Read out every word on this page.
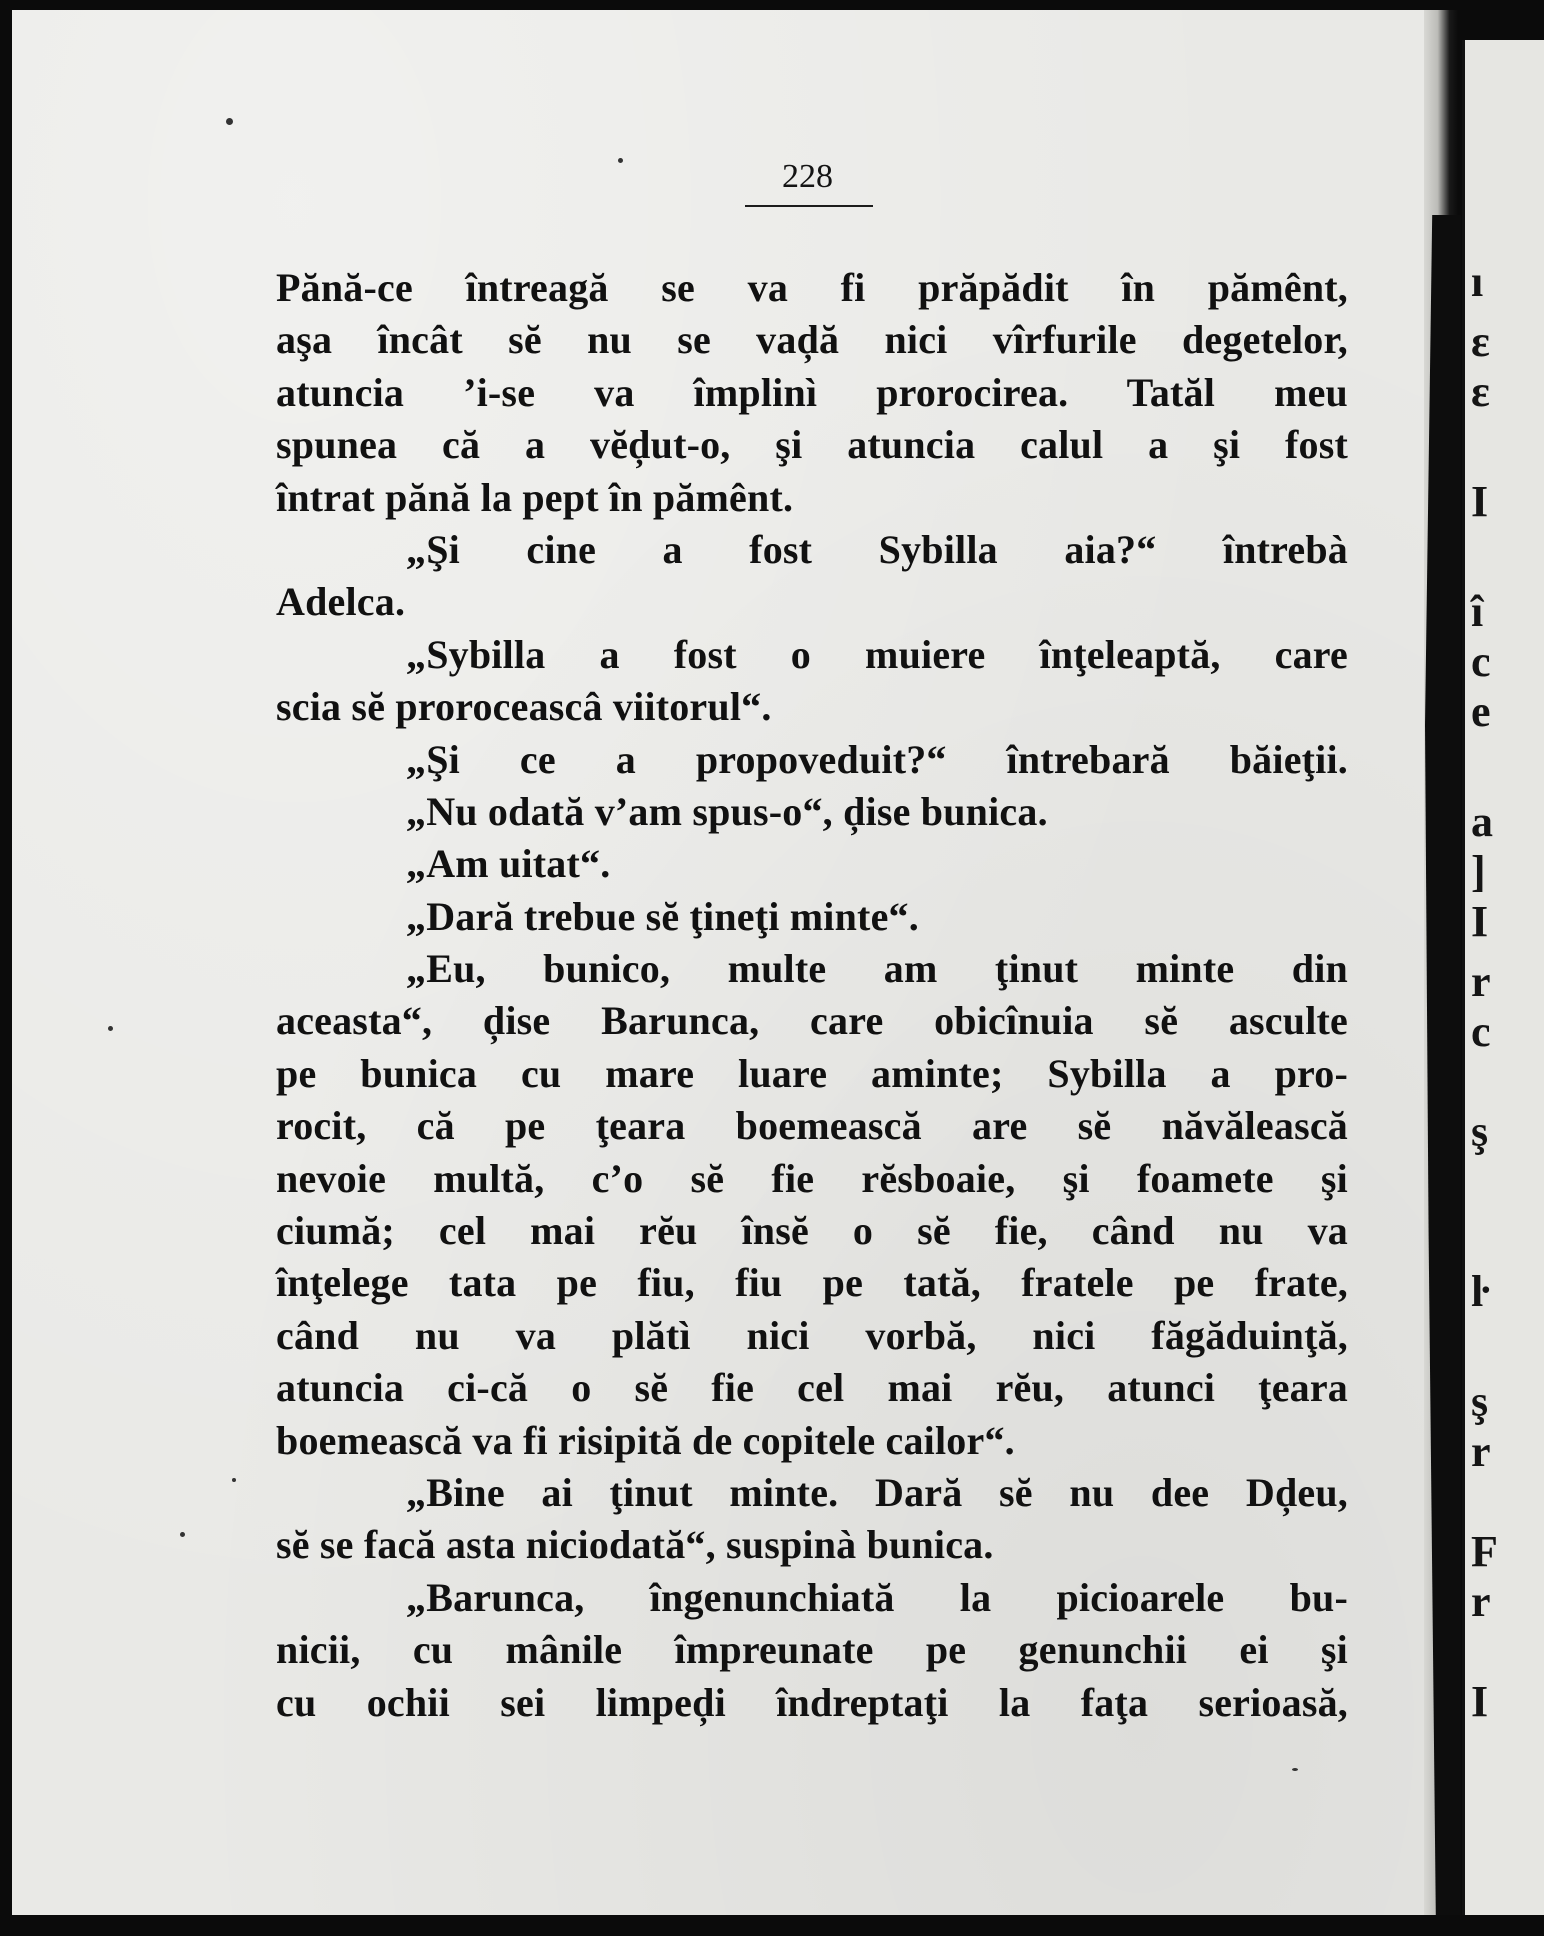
ı
ε
ε
I
î
c
e
a
]
I
r
c
ş
ŀ
ş
r
F
r
I
228
Pănă-ce întreagă se va fi prăpădit în pămênt,
aşa încât sĕ nu se vaḑă nici vîrfurile degetelor,
atuncia ’i-se va împlinì prorocirea. Tatăl meu
spunea că a vĕḑut-o, şi atuncia calul a şi fost
întrat pănă la pept în pămênt.
„Şi cine a fost Sybilla aia?“ întrebà
Adelca.
„Sybilla a fost o muiere înţeleaptă, care
scia sĕ proroceascâ viitorul“.
„Şi ce a propoveduit?“ întrebară băieţii.
„Nu odată v’am spus-o“, ḑise bunica.
„Am uitat“.
„Dară trebue sĕ ţineţi minte“.
„Eu, bunico, multe am ţinut minte din
aceasta“, ḑise Barunca, care obicînuia sĕ asculte
pe bunica cu mare luare aminte; Sybilla a pro-
rocit, că pe ţeara boemească are sĕ năvălească
nevoie multă, c’o sĕ fie rĕsboaie, şi foamete şi
ciumă; cel mai rĕu însĕ o sĕ fie, când nu va
înţelege tata pe fiu, fiu pe tată, fratele pe frate,
când nu va plătì nici vorbă, nici făgăduinţă,
atuncia ci-că o sĕ fie cel mai rĕu, atunci ţeara
boemească va fi risipită de copitele cailor“.
„Bine ai ţinut minte. Dară sĕ nu dee Dḑeu,
sĕ se facă asta niciodată“, suspinà bunica.
„Barunca, îngenunchiată la picioarele bu-
nicii, cu mânile împreunate pe genunchii ei şi
cu ochii sei limpeḑi îndreptaţi la faţa serioasă,
